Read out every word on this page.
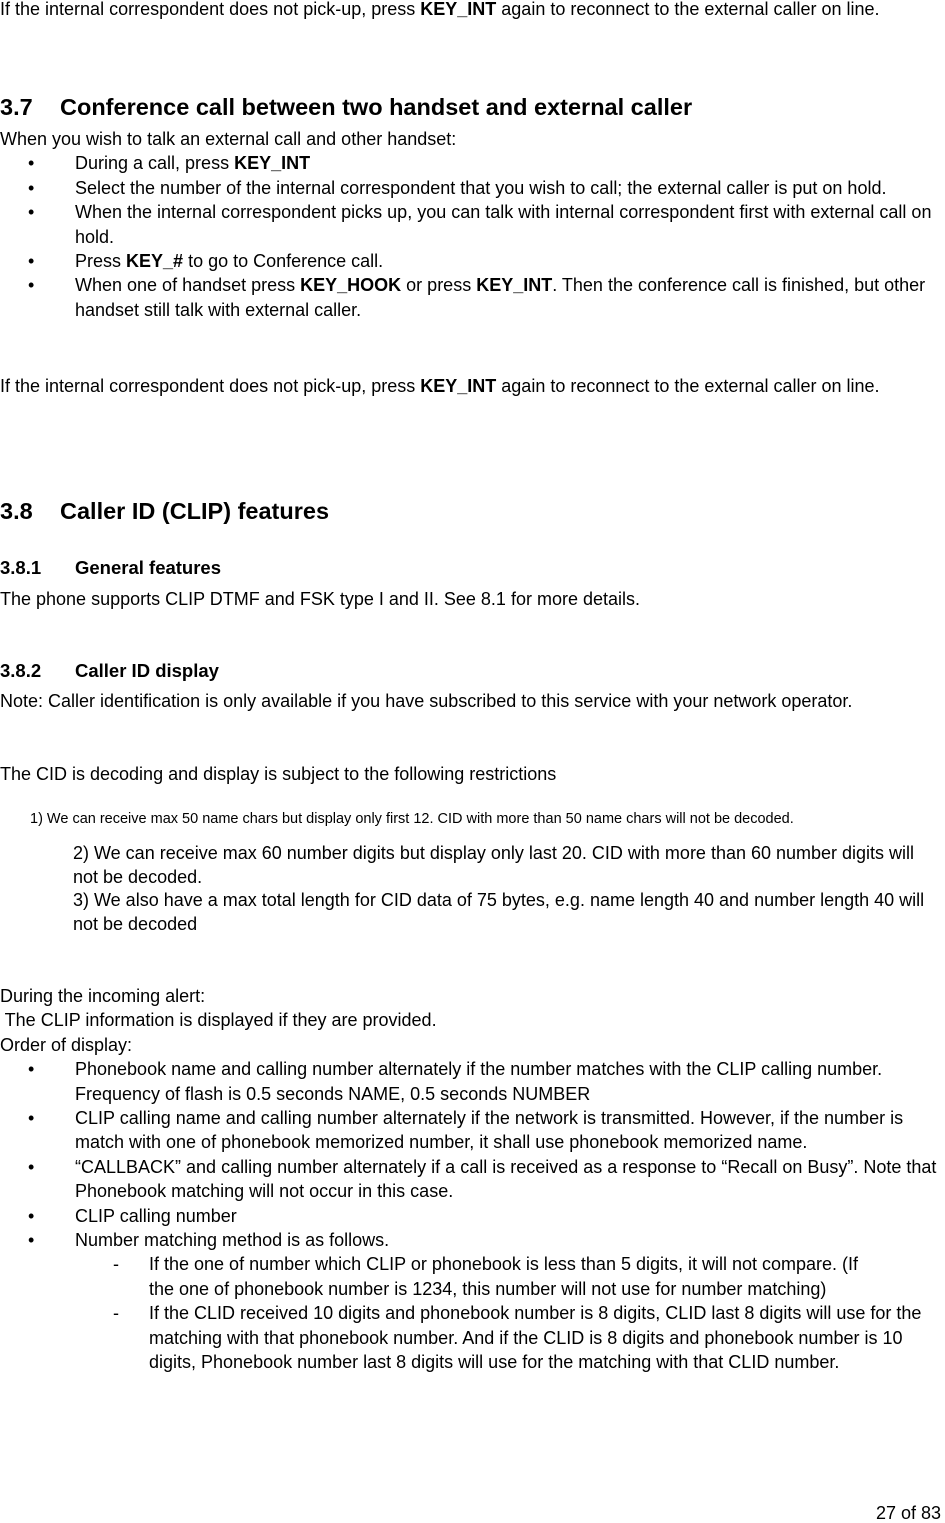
If the internal correspondent does not pick-up, press KEY_INT again to reconnect to the external caller on line.

3.7 Conference call between two handset and external caller

When you wish to talk an external call and other handset:

• During a call, press KEY_INT
• Select the number of the internal correspondent that you wish to call; the external caller is put on hold.
• When the internal correspondent picks up, you can talk with internal correspondent first with external call on hold.
• Press KEY_# to go to Conference call.
• When one of handset press KEY_HOOK or press KEY_INT. Then the conference call is finished, but other handset still talk with external caller.

If the internal correspondent does not pick-up, press KEY_INT again to reconnect to the external caller on line.

3.8 Caller ID (CLIP) features
3.8.1 General features

The phone supports CLIP DTMF and FSK type I and II. See 8.1 for more details.

3.8.2 Caller ID display

Note: Caller identification is only available if you have subscribed to this service with your network operator.

The CID is decoding and display is subject to the following restrictions

1) We can receive max 50 name chars but display only first 12. CID with more than 50 name chars will not be decoded.

2) We can receive max 60 number digits but display only last 20. CID with more than 60 number digits will not be decoded.

3) We also have a max total length for CID data of 75 bytes, e.g. name length 40 and number length 40 will not be decoded

During the incoming alert:

The CLIP information is displayed if they are provided.

Order of display:

• Phonebook name and calling number alternately if the number matches with the CLIP calling number. Frequency of flash is 0.5 seconds NAME, 0.5 seconds NUMBER
• CLIP calling name and calling number alternately if the network is transmitted. However, if the number is match with one of phonebook memorized number, it shall use phonebook memorized name.
• “CALLBACK” and calling number alternately if a call is received as a response to “Recall on Busy”. Note that Phonebook matching will not occur in this case.
• CLIP calling number
• Number matching method is as follows.
- If the one of number which CLIP or phonebook is less than 5 digits, it will not compare. (If the one of phonebook number is 1234, this number will not use for number matching)
- If the CLID received 10 digits and phonebook number is 8 digits, CLID last 8 digits will use for the matching with that phonebook number. And if the CLID is 8 digits and phonebook number is 10 digits, Phonebook number last 8 digits will use for the matching with that CLID number.
27 of 83
